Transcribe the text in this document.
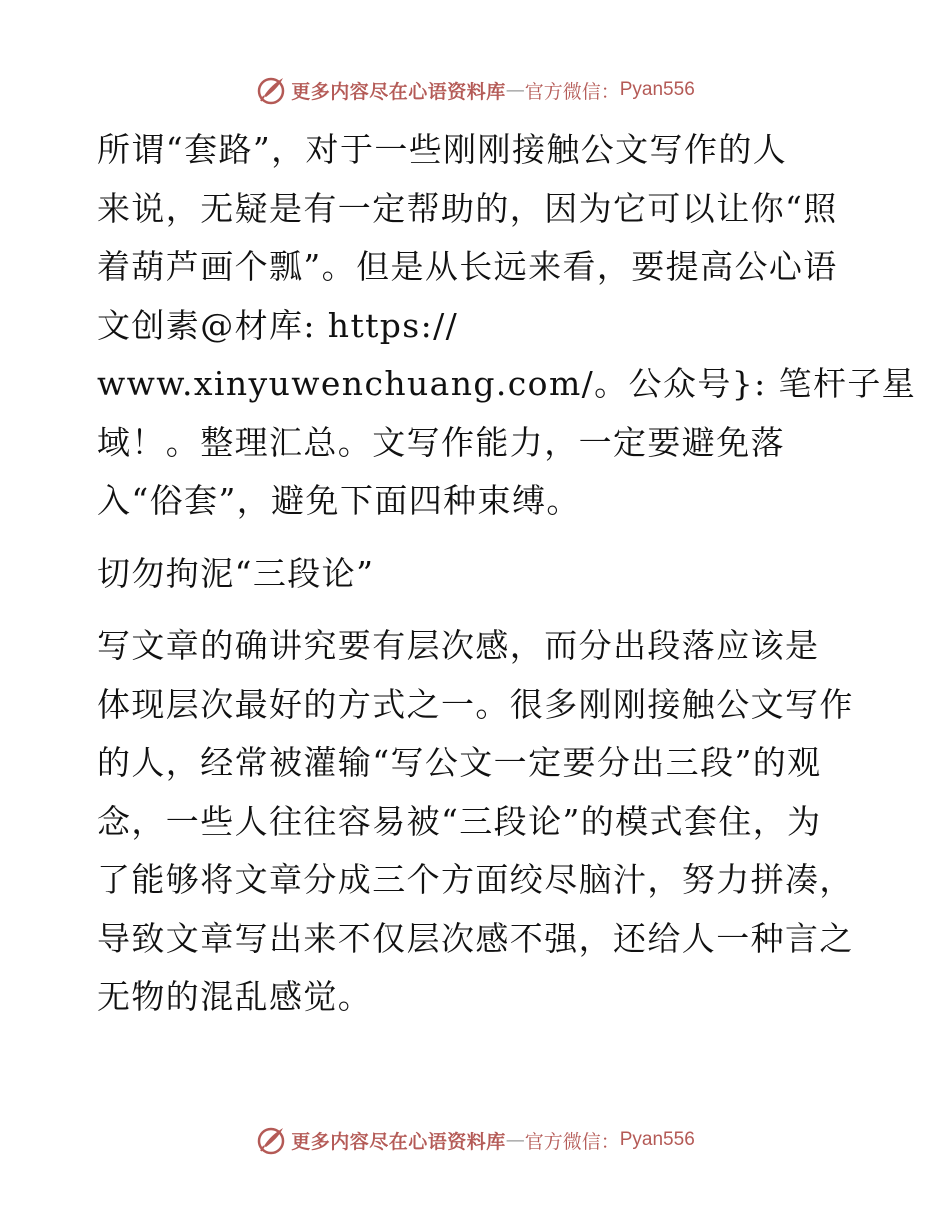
更多内容尽在心语资料库 — 官方微信： Pyan556
所谓“套路”，对于一些刚刚接触公文写作的人
来说，无疑是有一定帮助的，因为它可以让你“照
着葫芦画个瓢”。但是从长远来看，要提高公心语
文创素@材库: https://
www.xinyuwenchuang.com/。公众号}: 笔杆子星
域！。整理汇总。文写作能力，一定要避免落
入“俗套”，避免下面四种束缚。
切勿拘泥“三段论”
写文章的确讲究要有层次感，而分出段落应该是
体现层次最好的方式之一。很多刚刚接触公文写作
的人，经常被灌输“写公文一定要分出三段”的观
念，一些人往往容易被“三段论”的模式套住，为
了能够将文章分成三个方面绞尽脑汁，努力拼凑，
导致文章写出来不仅层次感不强，还给人一种言之
无物的混乱感觉。
更多内容尽在心语资料库 — 官方微信： Pyan556
